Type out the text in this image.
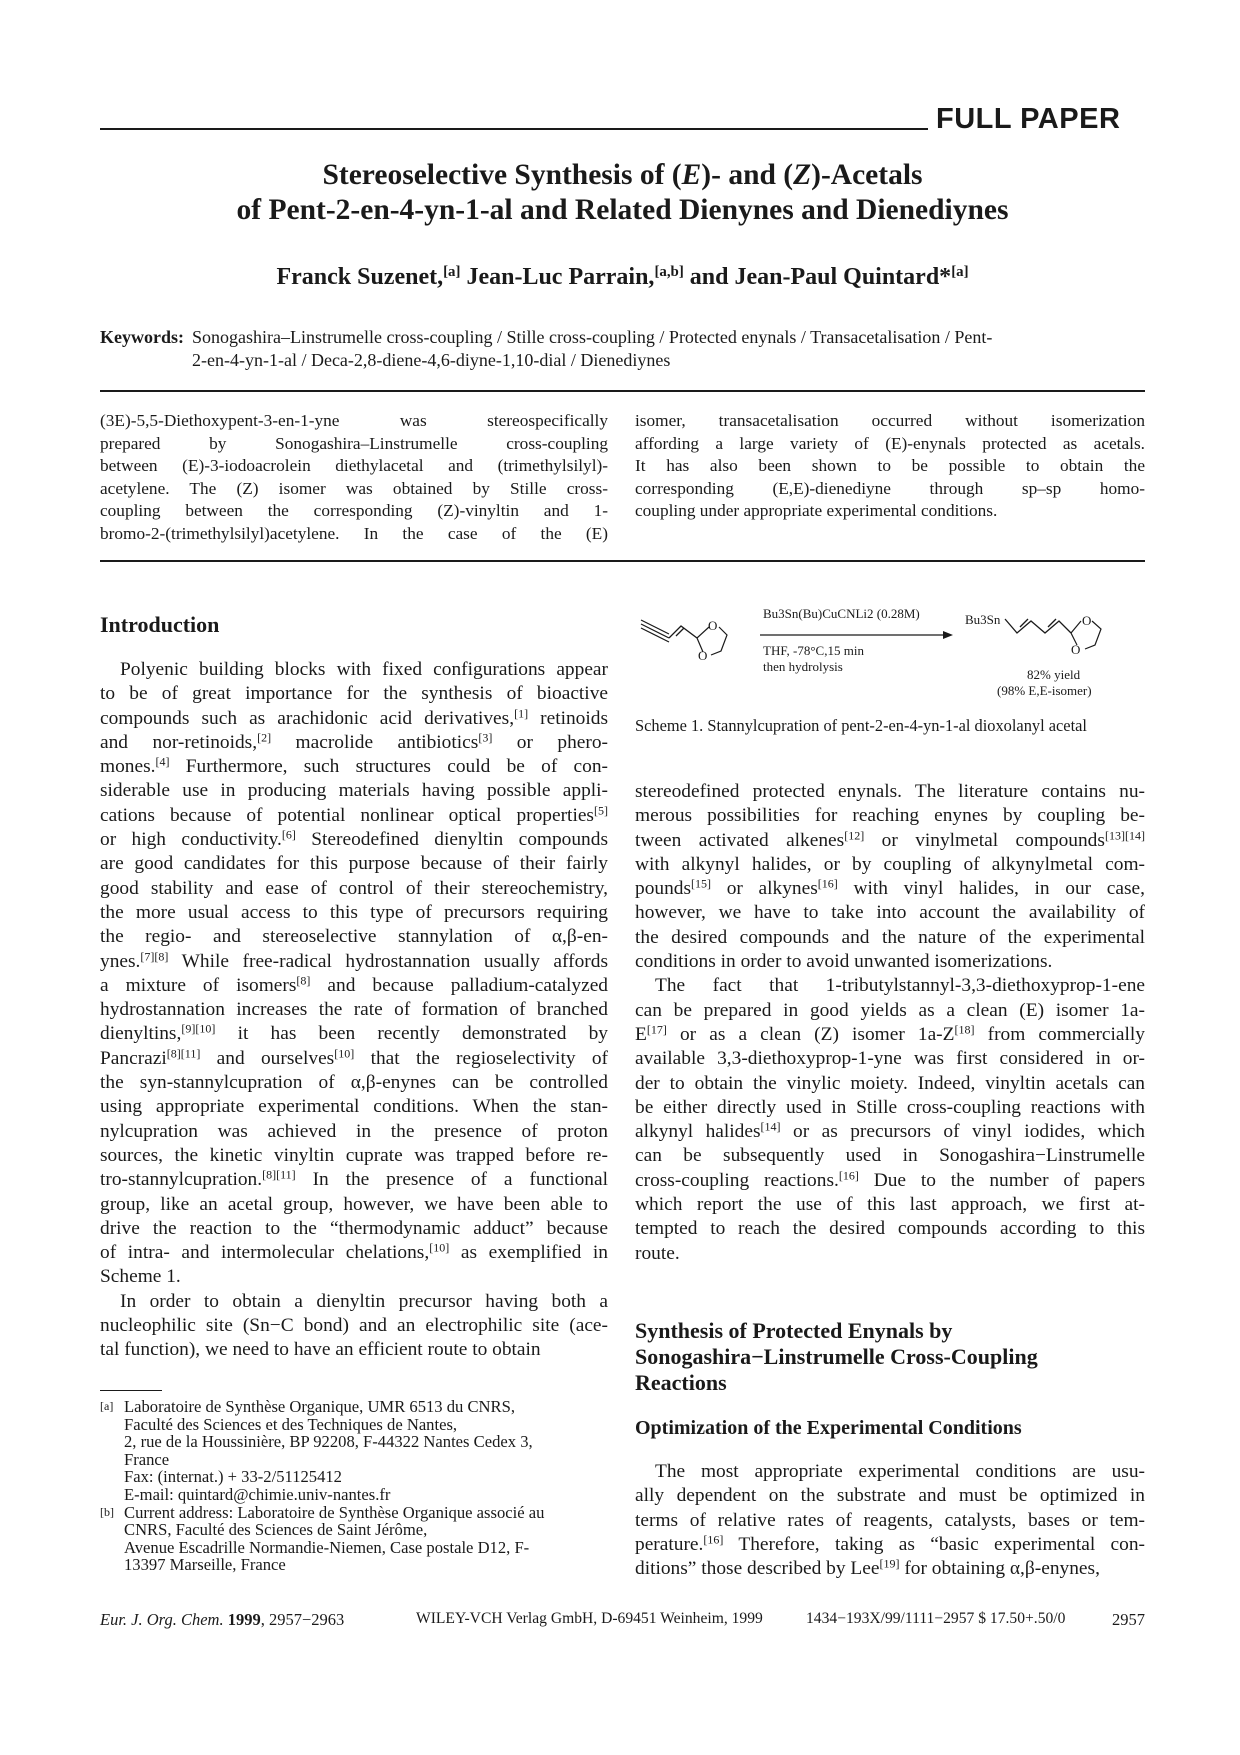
FULL PAPER
Stereoselective Synthesis of (E)- and (Z)-Acetals
of Pent-2-en-4-yn-1-al and Related Dienynes and Dienediynes
Franck Suzenet,[a] Jean-Luc Parrain,[a,b] and Jean-Paul Quintard*[a]
Keywords: Sonogashira–Linstrumelle cross-coupling / Stille cross-coupling / Protected enynals / Transacetalisation / Pent-
2-en-4-yn-1-al / Deca-2,8-diene-4,6-diyne-1,10-dial / Dienediynes
(3E)-5,5-Diethoxypent-3-en-1-yne was stereospecifically
prepared by Sonogashira–Linstrumelle cross-coupling
between (E)-3-iodoacrolein diethylacetal and (trimethylsilyl)-
acetylene. The (Z) isomer was obtained by Stille cross-
coupling between the corresponding (Z)-vinyltin and 1-
bromo-2-(trimethylsilyl)acetylene. In the case of the (E)
isomer, transacetalisation occurred without isomerization
affording a large variety of (E)-enynals protected as acetals.
It has also been shown to be possible to obtain the
corresponding (E,E)-dienediyne through sp–sp homo-
coupling under appropriate experimental conditions.
Introduction
Polyenic building blocks with fixed configurations appear
to be of great importance for the synthesis of bioactive
compounds such as arachidonic acid derivatives,[1] retinoids
and nor-retinoids,[2] macrolide antibiotics[3] or phero-
mones.[4] Furthermore, such structures could be of con-
siderable use in producing materials having possible appli-
cations because of potential nonlinear optical properties[5]
or high conductivity.[6] Stereodefined dienyltin compounds
are good candidates for this purpose because of their fairly
good stability and ease of control of their stereochemistry,
the more usual access to this type of precursors requiring
the regio- and stereoselective stannylation of α,β-en-
ynes.[7][8] While free-radical hydrostannation usually affords
a mixture of isomers[8] and because palladium-catalyzed
hydrostannation increases the rate of formation of branched
dienyltins,[9][10] it has been recently demonstrated by
Pancrazi[8][11] and ourselves[10] that the regioselectivity of
the syn-stannylcupration of α,β-enynes can be controlled
using appropriate experimental conditions. When the stan-
nylcupration was achieved in the presence of proton
sources, the kinetic vinyltin cuprate was trapped before re-
tro-stannylcupration.[8][11] In the presence of a functional
group, like an acetal group, however, we have been able to
drive the reaction to the “thermodynamic adduct” because
of intra- and intermolecular chelations,[10] as exemplified in
Scheme 1.
In order to obtain a dienyltin precursor having both a
nucleophilic site (Sn−C bond) and an electrophilic site (ace-
tal function), we need to have an efficient route to obtain
[a] Laboratoire de Synthèse Organique, UMR 6513 du CNRS,
Faculté des Sciences et des Techniques de Nantes,
2, rue de la Houssinière, BP 92208, F-44322 Nantes Cedex 3,
France
Fax: (internat.) + 33-2/51125412
E-mail: quintard@chimie.univ-nantes.fr
[b] Current address: Laboratoire de Synthèse Organique associé au
CNRS, Faculté des Sciences de Saint Jérôme,
Avenue Escadrille Normandie-Niemen, Case postale D12, F-
13397 Marseille, France
O
O
Bu3Sn(Bu)CuCNLi2 (0.28M)
THF, -78°C,15 min
then hydrolysis
Bu3Sn	O
O
82% yield
(98% E,E-isomer)
Scheme 1. Stannylcupration of pent-2-en-4-yn-1-al dioxolanyl acetal
stereodefined protected enynals. The literature contains nu-
merous possibilities for reaching enynes by coupling be-
tween activated alkenes[12] or vinylmetal compounds[13][14]
with alkynyl halides, or by coupling of alkynylmetal com-
pounds[15] or alkynes[16] with vinyl halides, in our case,
however, we have to take into account the availability of
the desired compounds and the nature of the experimental
conditions in order to avoid unwanted isomerizations.
The fact that 1-tributylstannyl-3,3-diethoxyprop-1-ene
can be prepared in good yields as a clean (E) isomer 1a-
E[17] or as a clean (Z) isomer 1a-Z[18] from commercially
available 3,3-diethoxyprop-1-yne was first considered in or-
der to obtain the vinylic moiety. Indeed, vinyltin acetals can
be either directly used in Stille cross-coupling reactions with
alkynyl halides[14] or as precursors of vinyl iodides, which
can be subsequently used in Sonogashira−Linstrumelle
cross-coupling reactions.[16] Due to the number of papers
which report the use of this last approach, we first at-
tempted to reach the desired compounds according to this
route.
Synthesis of Protected Enynals by
Sonogashira−Linstrumelle Cross-Coupling
Reactions
Optimization of the Experimental Conditions
The most appropriate experimental conditions are usu-
ally dependent on the substrate and must be optimized in
terms of relative rates of reagents, catalysts, bases or tem-
perature.[16] Therefore, taking as “basic experimental con-
ditions” those described by Lee[19] for obtaining α,β-enynes,
Eur. J. Org. Chem. 1999, 2957−2963	WILEY-VCH Verlag GmbH, D-69451 Weinheim, 1999	1434−193X/99/1111−2957 $ 17.50+.50/0	2957
